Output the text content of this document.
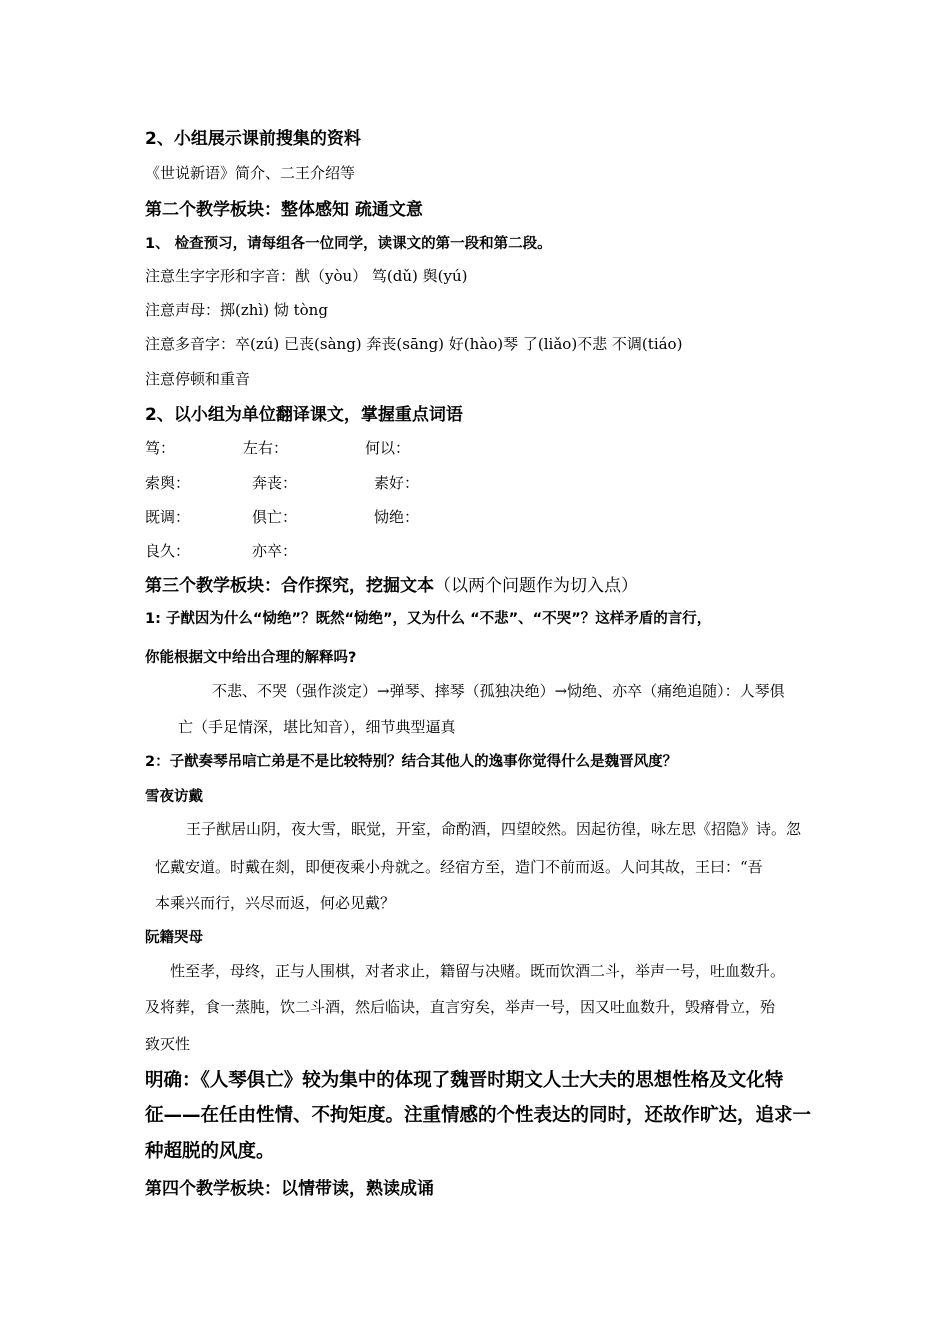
2、小组展示课前搜集的资料
《世说新语》简介、二王介绍等
第二个教学板块：整体感知 疏通文意
1、 检查预习，请每组各一位同学，读课文的第一段和第二段。
注意生字字形和字音：猷（yòu） 笃(dǔ) 舆(yú)
注意声母：掷(zhì) 恸 tòng
注意多音字：卒(zú) 已丧(sàng) 奔丧(sāng) 好(hào)琴 了(liǎo)不悲 不调(tiáo)
注意停顿和重音
2、以小组为单位翻译课文，掌握重点词语
笃：	左右：	何以：
索舆：	奔丧：	素好：
既调：	俱亡：	恸绝：
良久：	亦卒：
第三个教学板块：合作探究，挖掘文本（以两个问题作为切入点）
1: 子猷因为什么“恸绝”？既然“恸绝”，又为什么 “不悲”、“不哭”？这样矛盾的言行，
你能根据文中给出合理的解释吗?
不悲、不哭（强作淡定）→弹琴、摔琴（孤独决绝）→恸绝、亦卒（痛绝追随）：人琴俱
亡（手足情深，堪比知音），细节典型逼真
2：子猷奏琴吊唁亡弟是不是比较特别？结合其他人的逸事你觉得什么是魏晋风度？
雪夜访戴
王子猷居山阴，夜大雪，眠觉，开室，命酌酒，四望皎然。因起彷徨，咏左思《招隐》诗。忽
忆戴安道。时戴在剡，即便夜乘小舟就之。经宿方至，造门不前而返。人问其故，王曰：“吾
本乘兴而行，兴尽而返，何必见戴？
阮籍哭母
性至孝，母终，正与人围棋，对者求止，籍留与决赌。既而饮酒二斗，举声一号，吐血数升。
及将葬，食一蒸肫，饮二斗酒，然后临诀，直言穷矣，举声一号，因又吐血数升，毁瘠骨立，殆
致灭性
明确：《人琴俱亡》较为集中的体现了魏晋时期文人士大夫的思想性格及文化特
征——在任由性情、不拘矩度。注重情感的个性表达的同时，还故作旷达，追求一
种超脱的风度。
第四个教学板块：以情带读，熟读成诵
